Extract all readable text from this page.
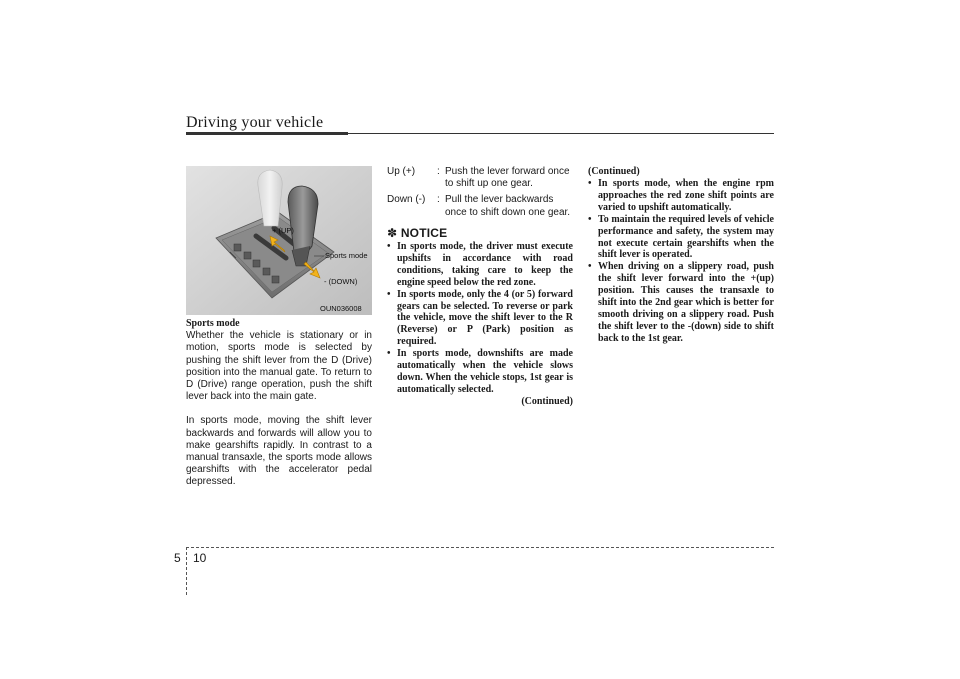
Driving your vehicle
+ (UP)
Sports mode
- (DOWN)
OUN036008
Sports mode

Whether the vehicle is stationary or in motion, sports mode is selected by pushing the shift lever from the D (Drive) position into the manual gate. To return to D (Drive) range operation, push the shift lever back into the main gate.

In sports mode, moving the shift lever backwards and forwards will allow you to make gearshifts rapidly. In contrast to a manual transaxle, the sports mode allows gearshifts with the accelerator pedal depressed.

Up (+)	: Push the lever forward once to shift up one gear.
Down (-)	: Pull the lever backwards once to shift down one gear.
✽ NOTICE
• In sports mode, the driver must execute upshifts in accordance with road conditions, taking care to keep the engine speed below the red zone.
• In sports mode, only the 4 (or 5) forward gears can be selected. To reverse or park the vehicle, move the shift lever to the R (Reverse) or P (Park) position as required.
• In sports mode, downshifts are made automatically when the vehicle slows down. When the vehicle stops, 1st gear is automatically selected.
(Continued)
(Continued)
• In sports mode, when the engine rpm approaches the red zone shift points are varied to upshift automatically.
• To maintain the required levels of vehicle performance and safety, the system may not execute certain gearshifts when the shift lever is operated.
• When driving on a slippery road, push the shift lever forward into the +(up) position. This causes the transaxle to shift into the 2nd gear which is better for smooth driving on a slippery road. Push the shift lever to the -(down) side to shift back to the 1st gear.
5 10
